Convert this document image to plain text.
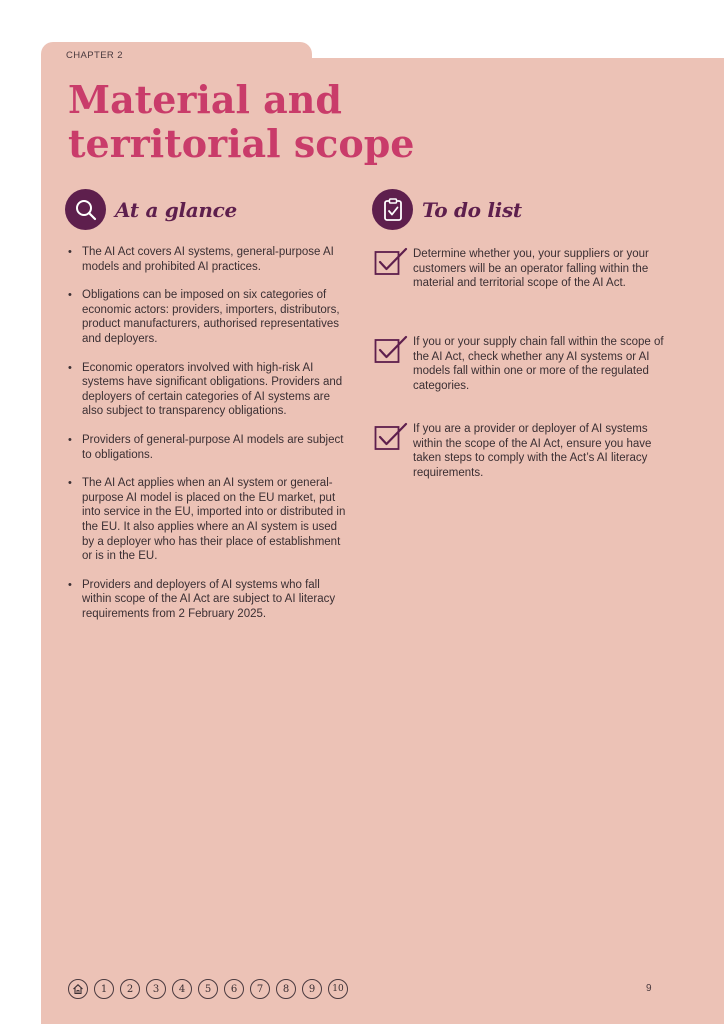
CHAPTER 2
Material and territorial scope
At a glance	To do list
• The AI Act covers AI systems, general-purpose AI models and prohibited AI practices.
• Obligations can be imposed on six categories of economic actors: providers, importers, distributors, product manufacturers, authorised representatives and deployers.
• Economic operators involved with high-risk AI systems have significant obligations. Providers and deployers of certain categories of AI systems are also subject to transparency obligations.
• Providers of general-purpose AI models are subject to obligations.
• The AI Act applies when an AI system or general-purpose AI model is placed on the EU market, put into service in the EU, imported into or distributed in the EU. It also applies where an AI system is used by a deployer who has their place of establishment or is in the EU.
• Providers and deployers of AI systems who fall within scope of the AI Act are subject to AI literacy requirements from 2 February 2025.
Determine whether you, your suppliers or your customers will be an operator falling within the material and territorial scope of the AI Act.
If you or your supply chain fall within the scope of the AI Act, check whether any AI systems or AI models fall within one or more of the regulated categories.
If you are a provider or deployer of AI systems within the scope of the AI Act, ensure you have taken steps to comply with the Act’s AI literacy requirements.
1	2	3	4	5	6	7	8	9	10	9
